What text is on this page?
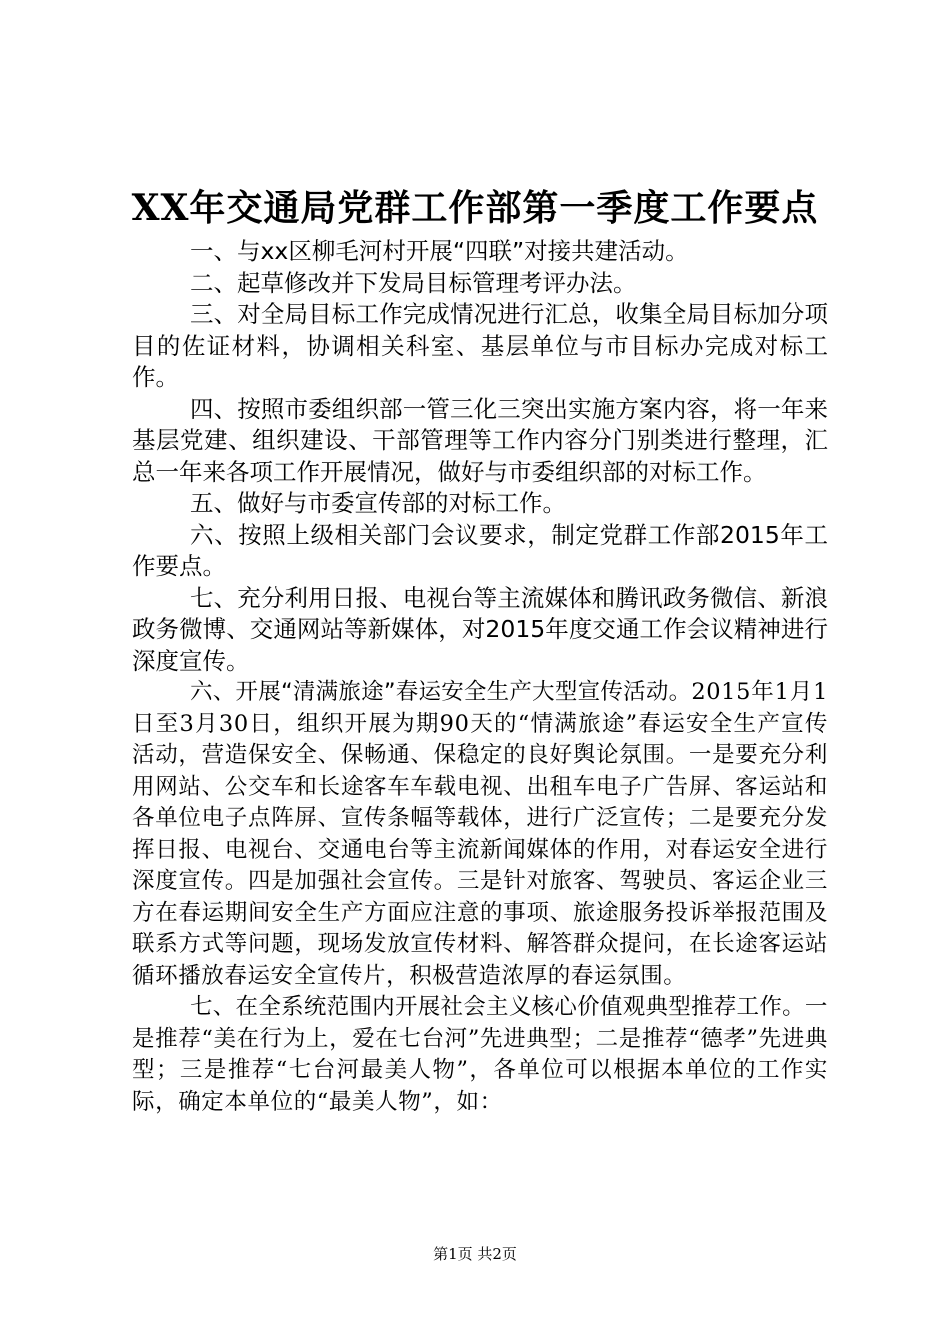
XX年交通局党群工作部第一季度工作要点

一、与xx区柳毛河村开展“四联”对接共建活动。

二、起草修改并下发局目标管理考评办法。

三、对全局目标工作完成情况进行汇总，收集全局目标加分项目的佐证材料，协调相关科室、基层单位与市目标办完成对标工作。

四、按照市委组织部一管三化三突出实施方案内容，将一年来基层党建、组织建设、干部管理等工作内容分门别类进行整理，汇总一年来各项工作开展情况，做好与市委组织部的对标工作。

五、做好与市委宣传部的对标工作。

六、按照上级相关部门会议要求，制定党群工作部2015年工作要点。

七、充分利用日报、电视台等主流媒体和腾讯政务微信、新浪政务微博、交通网站等新媒体，对2015年度交通工作会议精神进行深度宣传。

六、开展“清满旅途”春运安全生产大型宣传活动。2015年1月1日至3月30日，组织开展为期90天的“情满旅途”春运安全生产宣传活动，营造保安全、保畅通、保稳定的良好舆论氛围。一是要充分利用网站、公交车和长途客车车载电视、出租车电子广告屏、客运站和各单位电子点阵屏、宣传条幅等载体，进行广泛宣传；二是要充分发挥日报、电视台、交通电台等主流新闻媒体的作用，对春运安全进行深度宣传。四是加强社会宣传。三是针对旅客、驾驶员、客运企业三方在春运期间安全生产方面应注意的事项、旅途服务投诉举报范围及联系方式等问题，现场发放宣传材料、解答群众提问，在长途客运站循环播放春运安全宣传片，积极营造浓厚的春运氛围。

七、在全系统范围内开展社会主义核心价值观典型推荐工作。一是推荐“美在行为上，爱在七台河”先进典型；二是推荐“德孝”先进典型；三是推荐“七台河最美人物”，各单位可以根据本单位的工作实际，确定本单位的“最美人物”，如：

第1页 共2页
